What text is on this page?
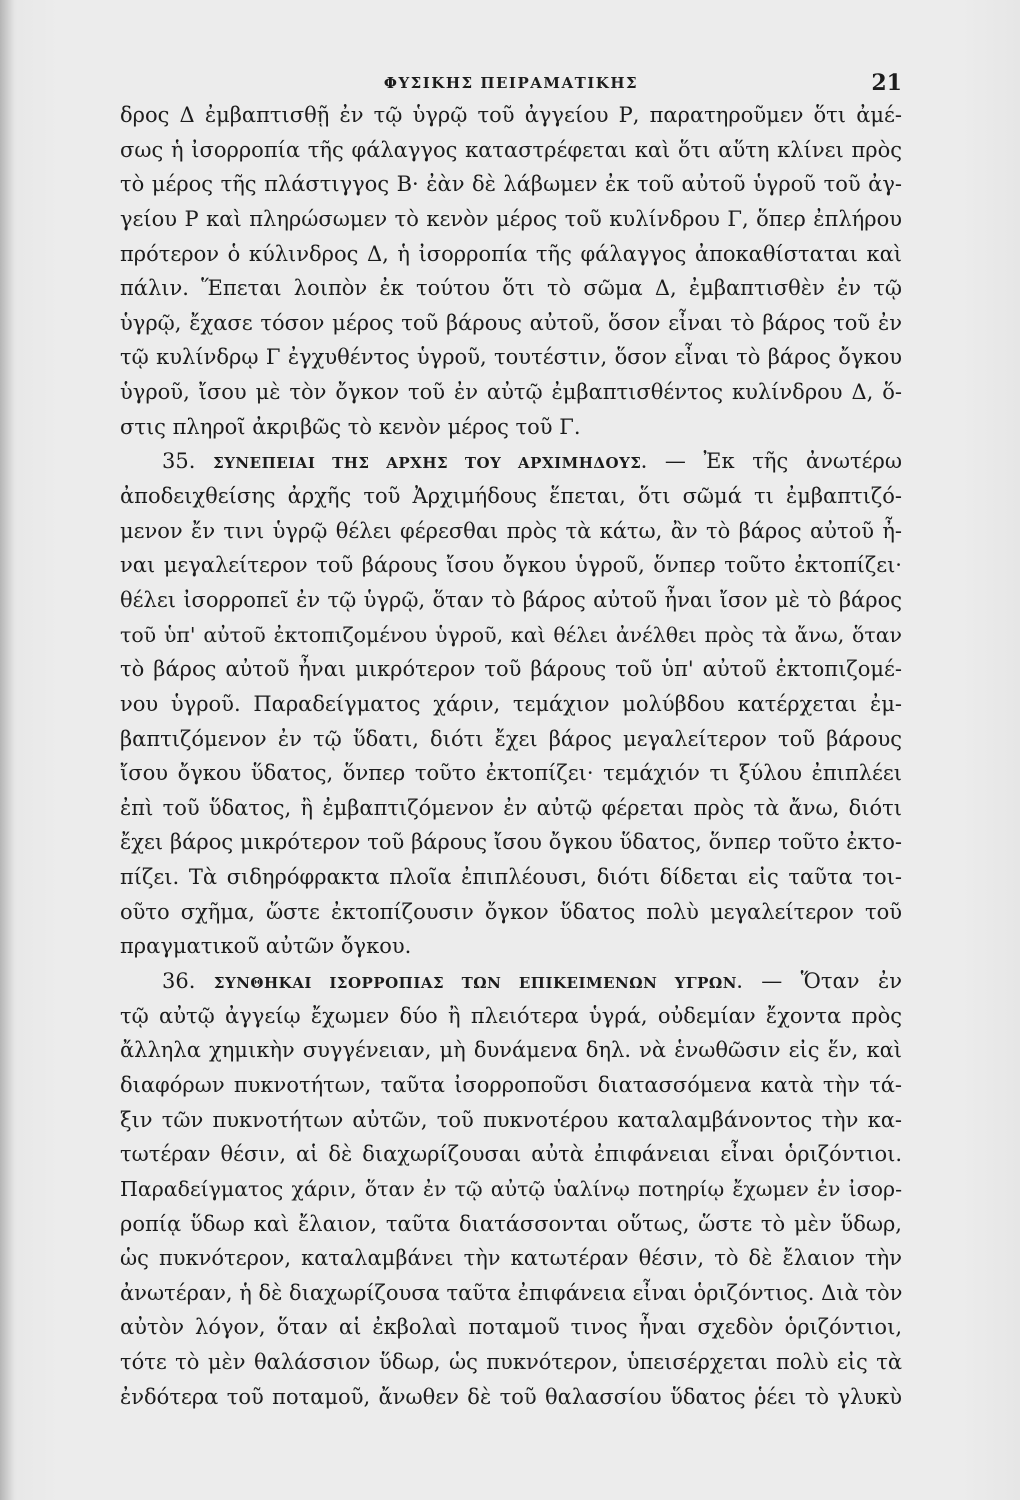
ΦΥΣΙΚΗΣ ΠΕΙΡΑΜΑΤΙΚΗΣ	21
δρος Δ ἐμβαπτισθῇ ἐν τῷ ὑγρῷ τοῦ ἀγγείου Ρ, παρατηροῦμεν ὅτι ἀμέ-
σως ἡ ἰσορροπία τῆς φάλαγγος καταστρέφεται καὶ ὅτι αὕτη κλίνει πρὸς
τὸ μέρος τῆς πλάστιγγος Β· ἐὰν δὲ λάβωμεν ἐκ τοῦ αὐτοῦ ὑγροῦ τοῦ ἀγ-
γείου Ρ καὶ πληρώσωμεν τὸ κενὸν μέρος τοῦ κυλίνδρου Γ, ὅπερ ἐπλήρου
πρότερον ὁ κύλινδρος Δ, ἡ ἰσορροπία τῆς φάλαγγος ἀποκαθίσταται καὶ
πάλιν. Ἕπεται λοιπὸν ἐκ τούτου ὅτι τὸ σῶμα Δ, ἐμβαπτισθὲν ἐν τῷ
ὑγρῷ, ἔχασε τόσον μέρος τοῦ βάρους αὐτοῦ, ὅσον εἶναι τὸ βάρος τοῦ ἐν
τῷ κυλίνδρῳ Γ ἐγχυθέντος ὑγροῦ, τουτέστιν, ὅσον εἶναι τὸ βάρος ὄγκου
ὑγροῦ, ἴσου μὲ τὸν ὄγκον τοῦ ἐν αὐτῷ ἐμβαπτισθέντος κυλίνδρου Δ, ὅ-
στις πληροῖ ἀκριβῶς τὸ κενὸν μέρος τοῦ Γ.
35. ΣΥΝΕΠΕΙΑΙ ΤΗΣ ΑΡΧΗΣ ΤΟΥ ΑΡΧΙΜΗΔΟΥΣ. — Ἐκ τῆς ἀνωτέρω
ἀποδειχθείσης ἀρχῆς τοῦ Ἀρχιμήδους ἕπεται, ὅτι σῶμά τι ἐμβαπτιζό-
μενον ἔν τινι ὑγρῷ θέλει φέρεσθαι πρὸς τὰ κάτω, ἂν τὸ βάρος αὐτοῦ ἦ-
ναι μεγαλείτερον τοῦ βάρους ἴσου ὄγκου ὑγροῦ, ὅνπερ τοῦτο ἐκτοπίζει·
θέλει ἰσορροπεῖ ἐν τῷ ὑγρῷ, ὅταν τὸ βάρος αὐτοῦ ἦναι ἴσον μὲ τὸ βάρος
τοῦ ὑπ' αὐτοῦ ἐκτοπιζομένου ὑγροῦ, καὶ θέλει ἀνέλθει πρὸς τὰ ἄνω, ὅταν
τὸ βάρος αὐτοῦ ἦναι μικρότερον τοῦ βάρους τοῦ ὑπ' αὐτοῦ ἐκτοπιζομέ-
νου ὑγροῦ. Παραδείγματος χάριν, τεμάχιον μολύβδου κατέρχεται ἐμ-
βαπτιζόμενον ἐν τῷ ὕδατι, διότι ἔχει βάρος μεγαλείτερον τοῦ βάρους
ἴσου ὄγκου ὕδατος, ὅνπερ τοῦτο ἐκτοπίζει· τεμάχιόν τι ξύλου ἐπιπλέει
ἐπὶ τοῦ ὕδατος, ἢ ἐμβαπτιζόμενον ἐν αὐτῷ φέρεται πρὸς τὰ ἄνω, διότι
ἔχει βάρος μικρότερον τοῦ βάρους ἴσου ὄγκου ὕδατος, ὅνπερ τοῦτο ἐκτο-
πίζει. Τὰ σιδηρόφρακτα πλοῖα ἐπιπλέουσι, διότι δίδεται εἰς ταῦτα τοι-
οῦτο σχῆμα, ὥστε ἐκτοπίζουσιν ὄγκον ὕδατος πολὺ μεγαλείτερον τοῦ
πραγματικοῦ αὐτῶν ὄγκου.
36. ΣΥΝΘΗΚΑΙ ΙΣΟΡΡΟΠΙΑΣ ΤΩΝ ΕΠΙΚΕΙΜΕΝΩΝ ΥΓΡΩΝ. — Ὅταν ἐν
τῷ αὐτῷ ἀγγείῳ ἔχωμεν δύο ἢ πλειότερα ὑγρά, οὐδεμίαν ἔχοντα πρὸς
ἄλληλα χημικὴν συγγένειαν, μὴ δυνάμενα δηλ. νὰ ἑνωθῶσιν εἰς ἕν, καὶ
διαφόρων πυκνοτήτων, ταῦτα ἰσορροποῦσι διατασσόμενα κατὰ τὴν τά-
ξιν τῶν πυκνοτήτων αὐτῶν, τοῦ πυκνοτέρου καταλαμβάνοντος τὴν κα-
τωτέραν θέσιν, αἱ δὲ διαχωρίζουσαι αὐτὰ ἐπιφάνειαι εἶναι ὁριζόντιοι.
Παραδείγματος χάριν, ὅταν ἐν τῷ αὐτῷ ὑαλίνῳ ποτηρίῳ ἔχωμεν ἐν ἰσορ-
ροπίᾳ ὕδωρ καὶ ἔλαιον, ταῦτα διατάσσονται οὕτως, ὥστε τὸ μὲν ὕδωρ,
ὡς πυκνότερον, καταλαμβάνει τὴν κατωτέραν θέσιν, τὸ δὲ ἔλαιον τὴν
ἀνωτέραν, ἡ δὲ διαχωρίζουσα ταῦτα ἐπιφάνεια εἶναι ὁριζόντιος. Διὰ τὸν
αὐτὸν λόγον, ὅταν αἱ ἐκβολαὶ ποταμοῦ τινος ἦναι σχεδὸν ὁριζόντιοι,
τότε τὸ μὲν θαλάσσιον ὕδωρ, ὡς πυκνότερον, ὑπεισέρχεται πολὺ εἰς τὰ
ἐνδότερα τοῦ ποταμοῦ, ἄνωθεν δὲ τοῦ θαλασσίου ὕδατος ῥέει τὸ γλυκὺ
